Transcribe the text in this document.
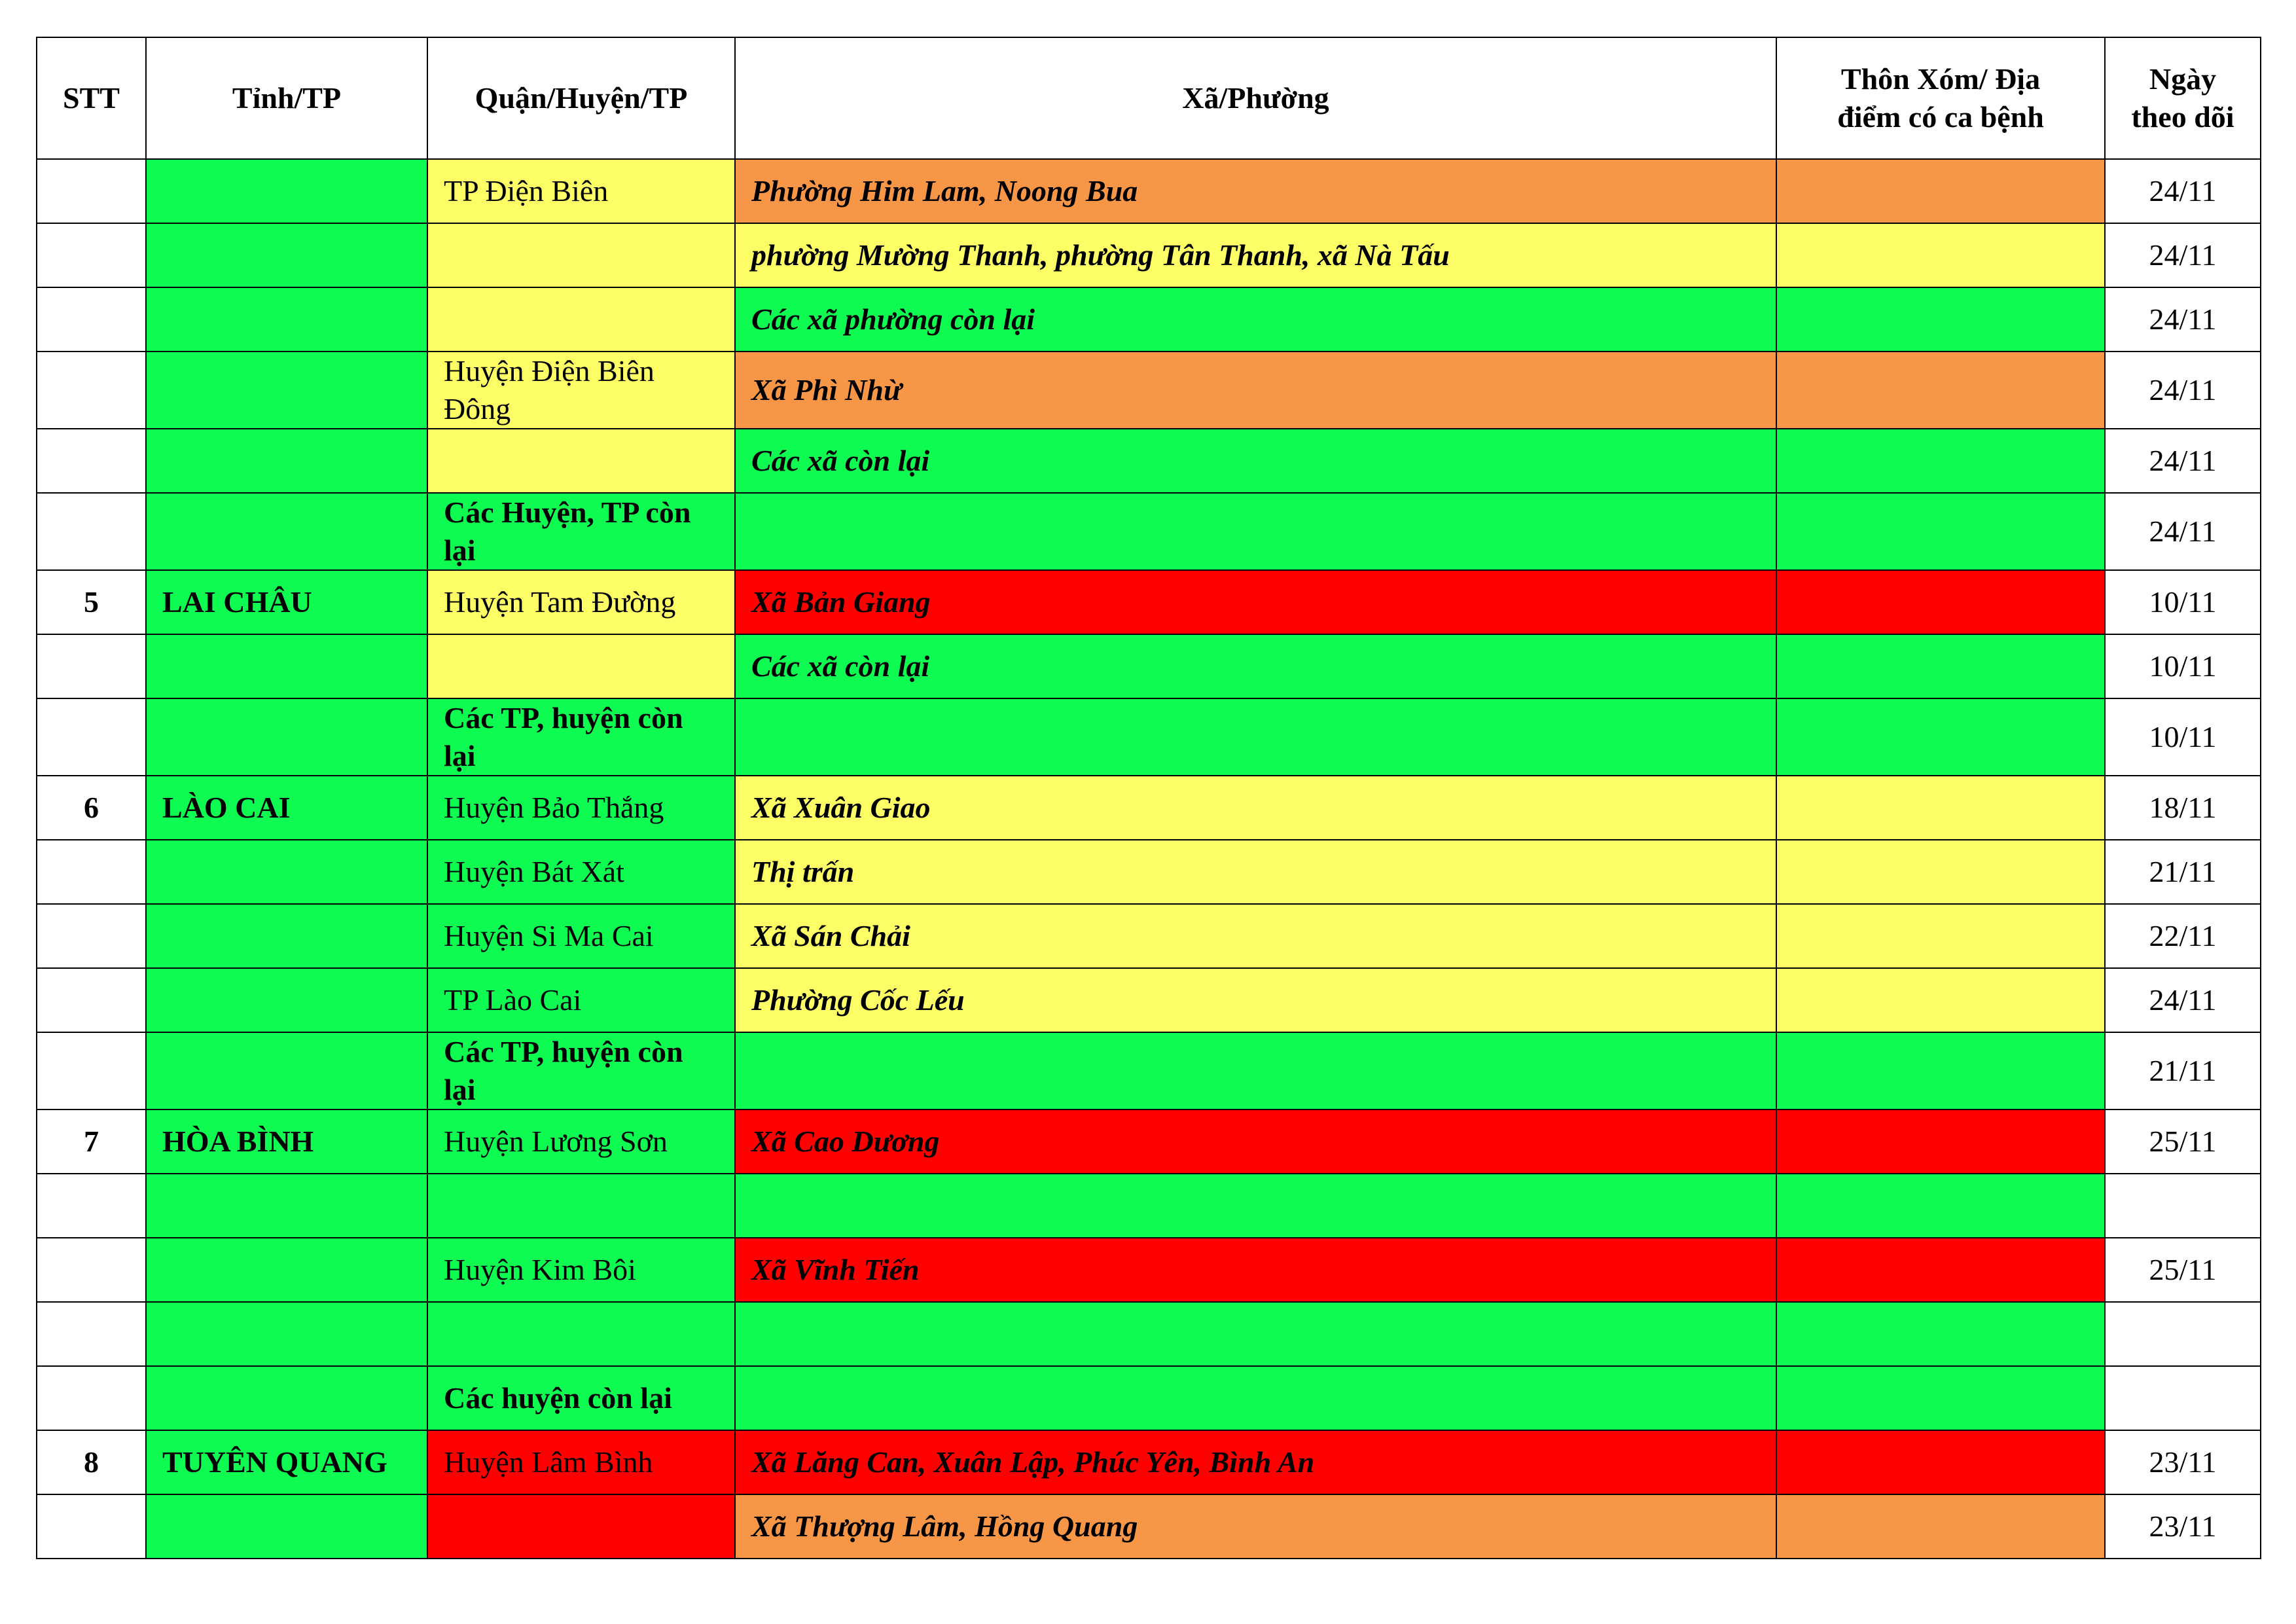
STT	Tỉnh/TP	Quận/Huyện/TP	Xã/Phường	Thôn Xóm/ Địa điểm có ca bệnh	Ngày theo dõi
		TP Điện Biên	Phường Him Lam, Noong Bua		24/11
			phường Mường Thanh, phường Tân Thanh, xã Nà Tấu		24/11
			Các xã phường còn lại		24/11
		Huyện Điện Biên Đông	Xã Phì Nhừ		24/11
			Các xã còn lại		24/11
		Các Huyện, TP còn lại			24/11
5	LAI CHÂU	Huyện Tam Đường	Xã Bản Giang		10/11
			Các xã còn lại		10/11
		Các TP, huyện còn lại			10/11
6	LÀO CAI	Huyện Bảo Thắng	Xã Xuân Giao		18/11
		Huyện Bát Xát	Thị trấn		21/11
		Huyện Si Ma Cai	Xã Sán Chải		22/11
		TP Lào Cai	Phường Cốc Lếu		24/11
		Các TP, huyện còn lại			21/11
7	HÒA BÌNH	Huyện Lương Sơn	Xã Cao Dương		25/11

		Huyện Kim Bôi	Xã Vĩnh Tiến		25/11

		Các huyện còn lại			
8	TUYÊN QUANG	Huyện Lâm Bình	Xã Lăng Can, Xuân Lập, Phúc Yên, Bình An		23/11
			Xã Thượng Lâm, Hồng Quang		23/11
